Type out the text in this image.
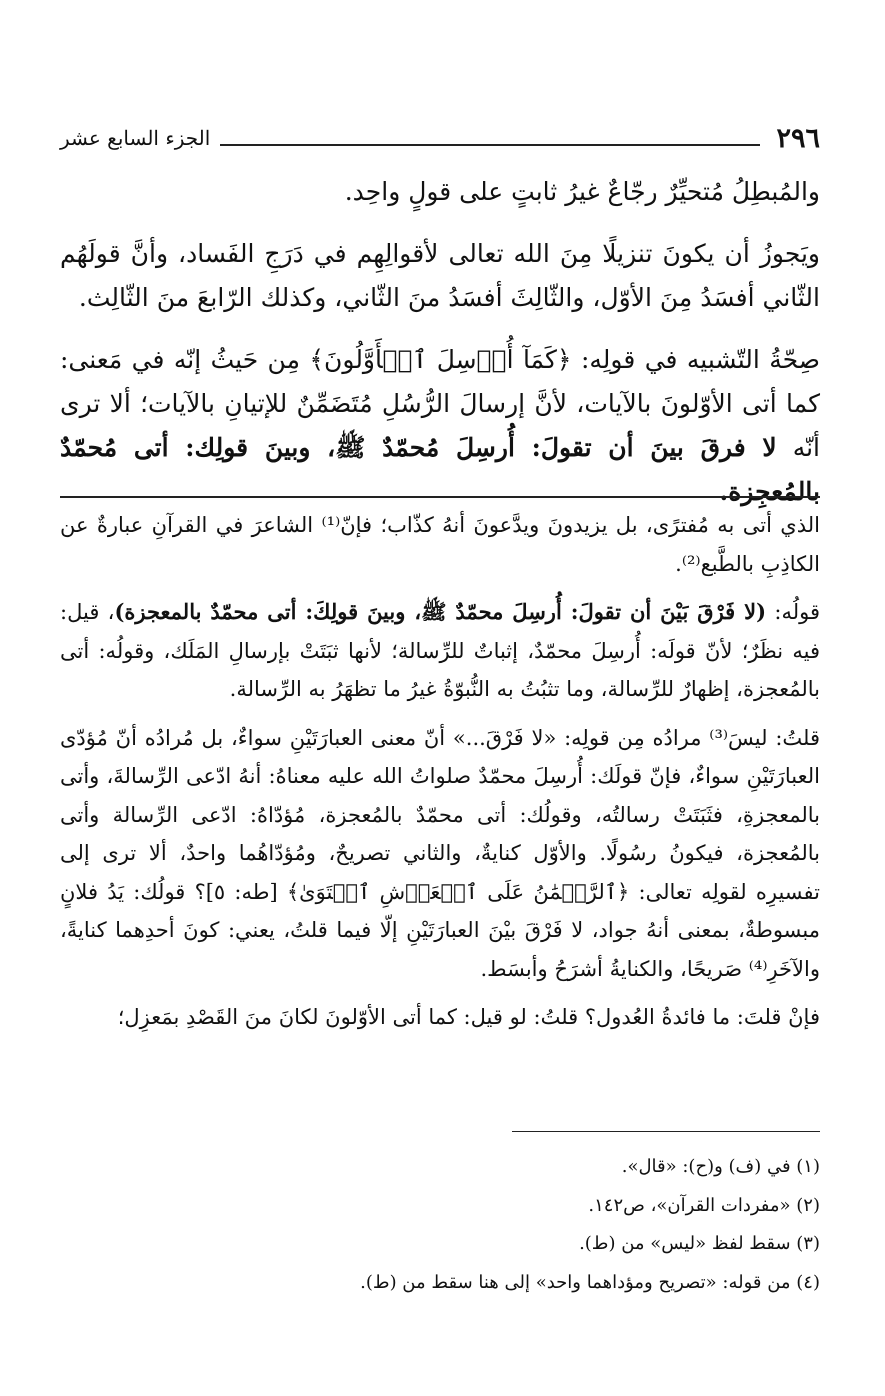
٢٩٦
الجزء السابع عشر

والمُبطِلُ مُتحيِّرٌ رجّاعٌ غيرُ ثابتٍ على قولٍ واحِد.

ويَجوزُ أن يكونَ تنزيلًا مِنَ الله تعالى لأقوالِهِم في دَرَجِ الفَساد، وأنَّ قولَهُم الثّاني أفسَدُ مِنَ الأوّل، والثّالِثَ أفسَدُ منَ الثّاني، وكذلك الرّابعَ منَ الثّالِث.

صِحّةُ التّشبيه في قولِه: ﴿كَمَآ أُرۡسِلَ ٱلۡأَوَّلُونَ﴾ مِن حَيثُ إنّه في مَعنى: كما أتى الأوّلونَ بالآيات، لأنَّ إرسالَ الرُّسُلِ مُتَضَمِّنٌ للإتيانِ بالآيات؛ ألا ترى أنّه لا فرقَ بينَ أن تقولَ: أُرسِلَ مُحمّدٌ ﷺ، وبينَ قولِك: أتى مُحمّدٌ بالمُعجِزة.

الذي أتى به مُفترًى، بل يزيدونَ ويدَّعونَ أنهُ كذّاب؛ فإنّ⁽¹⁾ الشاعرَ في القرآنِ عبارةٌ عن الكاذِبِ بالطَّبع⁽²⁾.

قولُه: (لا فَرْقَ بَيْنَ أن تقولَ: أُرسِلَ محمّدٌ ﷺ، وبينَ قولِكَ: أتى محمّدٌ بالمعجزة)، قيل: فيه نظَرٌ؛ لأنّ قولَه: أُرسِلَ محمّدٌ، إثباتٌ للرِّسالة؛ لأنها ثبَتَتْ بإرسالِ المَلَك، وقولُه: أتى بالمُعجزة، إظهارٌ للرِّسالة، وما تثبُتُ به النُّبوّةُ غيرُ ما تظهَرُ به الرِّسالة.

قلتُ: ليسَ⁽³⁾ مرادُه مِن قولِه: «لا فَرْقَ...» أنّ معنى العبارَتَيْنِ سواءٌ، بل مُرادُه أنّ مُؤدّى العبارَتَيْنِ سواءٌ، فإنّ قولَك: أُرسِلَ محمّدٌ صلواتُ الله عليه معناهُ: أنهُ ادّعى الرِّسالةَ، وأتى بالمعجزةِ، فثَبَتَتْ رسالتُه، وقولُك: أتى محمّدٌ بالمُعجزة، مُؤدّاهُ: ادّعى الرِّسالة وأتى بالمُعجزة، فيكونُ رسُولًا. والأوّل كنايةٌ، والثاني تصريحٌ، ومُؤدّاهُما واحدٌ، ألا ترى إلى تفسيرِه لقولِه تعالى: ﴿ٱلرَّحۡمَٰنُ عَلَى ٱلۡعَرۡشِ ٱسۡتَوَىٰ﴾ [طه: ٥]؟ قولُك: يَدُ فلانٍ مبسوطةٌ، بمعنى أنهُ جواد، لا فَرْقَ بيْنَ العبارَتَيْنِ إلّا فيما قلتُ، يعني: كونَ أحدِهما كنايةً، والآخَرِ⁽⁴⁾ صَريحًا، والكنايةُ أشرَحُ وأبسَط.

فإنْ قلتَ: ما فائدةُ العُدول؟ قلتُ: لو قيل: كما أتى الأوّلونَ لكانَ منَ القَصْدِ بمَعزِل؛

(١) في (ف) و(ح): «قال».
(٢) «مفردات القرآن»، ص١٤٢.
(٣) سقط لفظ «ليس» من (ط).
(٤) من قوله: «تصريح ومؤداهما واحد» إلى هنا سقط من (ط).
